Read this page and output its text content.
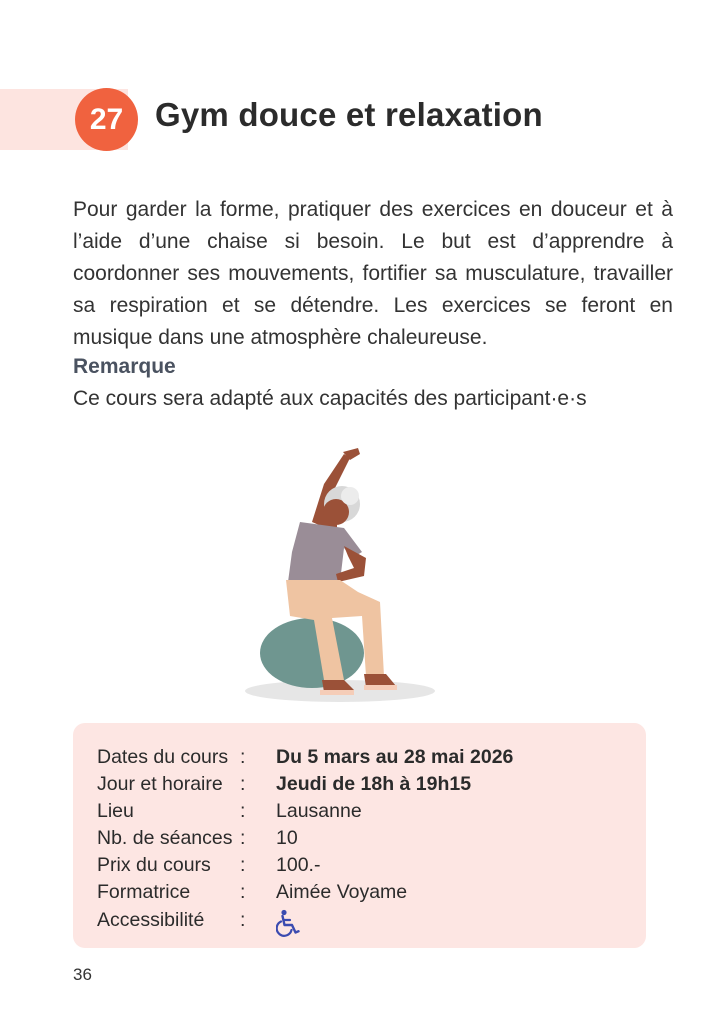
27 Gym douce et relaxation

Pour garder la forme, pratiquer des exercices en douceur et à l’aide d’une chaise si besoin. Le but est d’apprendre à coordonner ses mouvements, fortifier sa musculature, travailler sa respiration et se détendre. Les exercices se feront en musique dans une atmosphère chaleureuse.

Remarque
Ce cours sera adapté aux capacités des participant·e·s
Dates du cours : Du 5 mars au 28 mai 2026
Jour et horaire : Jeudi de 18h à 19h15
Lieu	: Lausanne
Nb. de séances : 10
Prix du cours : 100.-
Formatrice	: Aimée Voyame
Accessibilité :
36
